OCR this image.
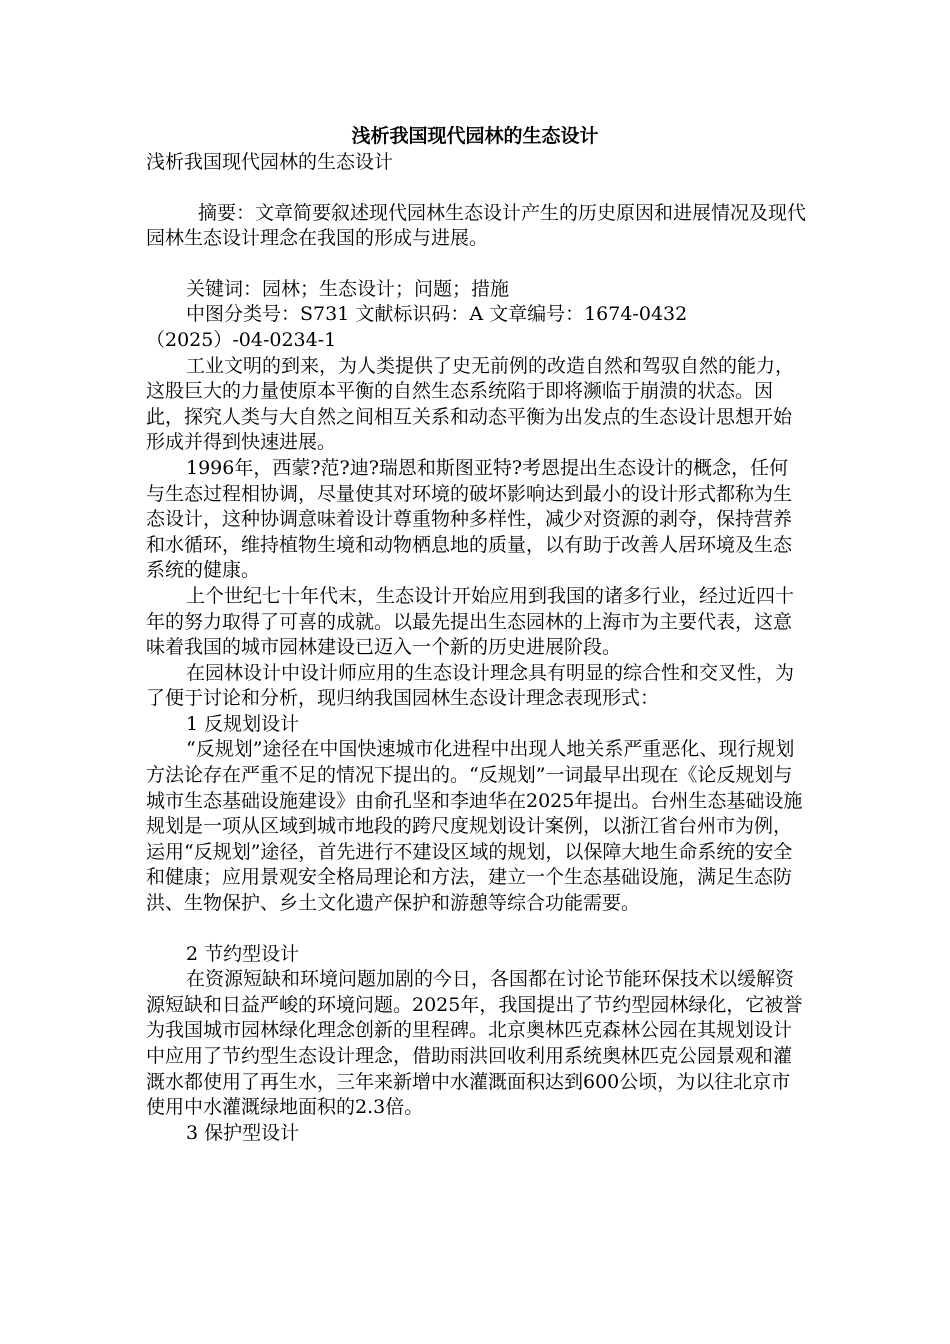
浅析我国现代园林的生态设计

浅析我国现代园林的生态设计

摘要：文章简要叙述现代园林生态设计产生的历史原因和进展情况及现代园林生态设计理念在我国的形成与进展。

关键词：园林；生态设计；问题；措施

中图分类号：S731 文献标识码：A 文章编号：1674-0432（2025）-04-0234-1

工业文明的到来，为人类提供了史无前例的改造自然和驾驭自然的能力，这股巨大的力量使原本平衡的自然生态系统陷于即将濒临于崩溃的状态。因此，探究人类与大自然之间相互关系和动态平衡为出发点的生态设计思想开始形成并得到快速进展。

1996年，西蒙?范?迪?瑞恩和斯图亚特?考恩提出生态设计的概念，任何与生态过程相协调，尽量使其对环境的破坏影响达到最小的设计形式都称为生态设计，这种协调意味着设计尊重物种多样性，减少对资源的剥夺，保持营养和水循环，维持植物生境和动物栖息地的质量，以有助于改善人居环境及生态系统的健康。

上个世纪七十年代末，生态设计开始应用到我国的诸多行业，经过近四十年的努力取得了可喜的成就。以最先提出生态园林的上海市为主要代表，这意味着我国的城市园林建设已迈入一个新的历史进展阶段。

在园林设计中设计师应用的生态设计理念具有明显的综合性和交叉性，为了便于讨论和分析，现归纳我国园林生态设计理念表现形式：

1 反规划设计

“反规划”途径在中国快速城市化进程中出现人地关系严重恶化、现行规划方法论存在严重不足的情况下提出的。“反规划”一词最早出现在《论反规划与城市生态基础设施建设》由俞孔坚和李迪华在2025年提出。台州生态基础设施规划是一项从区域到城市地段的跨尺度规划设计案例，以浙江省台州市为例，运用“反规划”途径，首先进行不建设区域的规划，以保障大地生命系统的安全和健康；应用景观安全格局理论和方法，建立一个生态基础设施，满足生态防洪、生物保护、乡土文化遗产保护和游憩等综合功能需要。

2 节约型设计

在资源短缺和环境问题加剧的今日，各国都在讨论节能环保技术以缓解资源短缺和日益严峻的环境问题。2025年，我国提出了节约型园林绿化，它被誉为我国城市园林绿化理念创新的里程碑。北京奥林匹克森林公园在其规划设计中应用了节约型生态设计理念，借助雨洪回收利用系统奥林匹克公园景观和灌溉水都使用了再生水，三年来新增中水灌溉面积达到600公顷，为以往北京市使用中水灌溉绿地面积的2.3倍。

3 保护型设计
